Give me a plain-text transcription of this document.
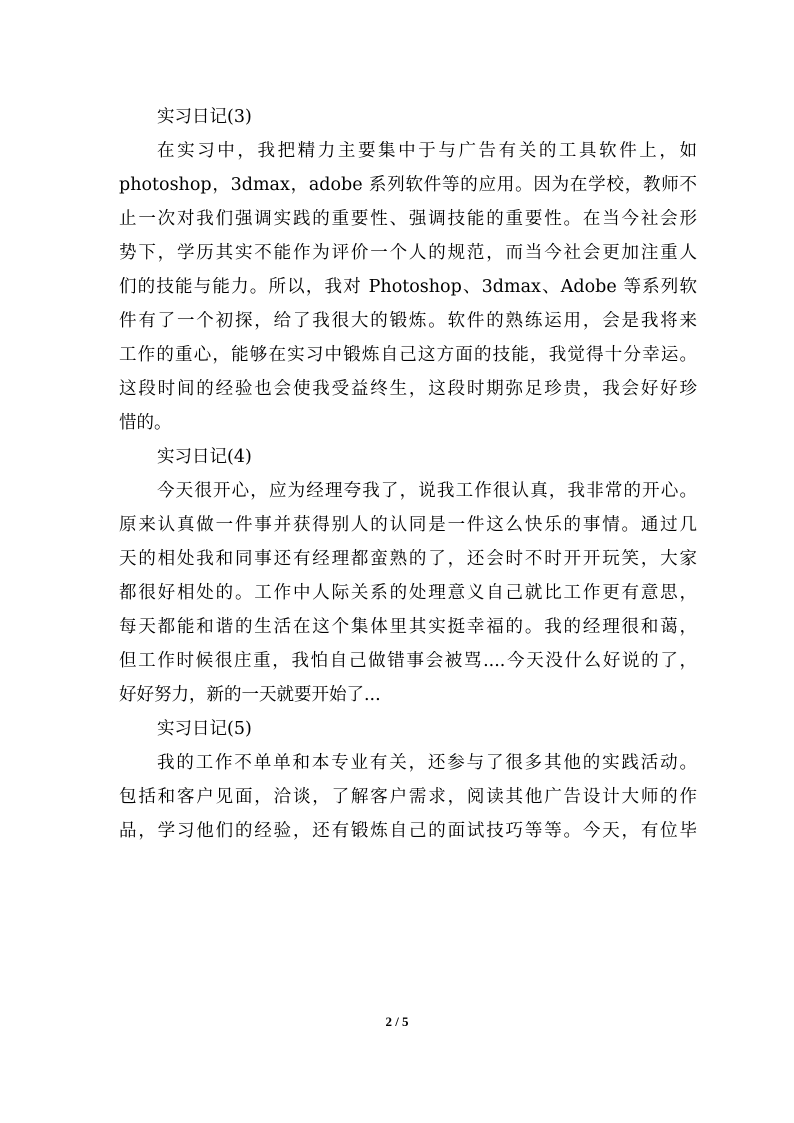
实习日记(3)
在实习中，我把精力主要集中于与广告有关的工具软件上，如
photoshop，3dmax，adobe 系列软件等的应用。因为在学校，教师不
止一次对我们强调实践的重要性、强调技能的重要性。在当今社会形
势下，学历其实不能作为评价一个人的规范，而当今社会更加注重人
们的技能与能力。所以，我对 Photoshop、3dmax、Adobe 等系列软
件有了一个初探，给了我很大的锻炼。软件的熟练运用，会是我将来
工作的重心，能够在实习中锻炼自己这方面的技能，我觉得十分幸运。
这段时间的经验也会使我受益终生，这段时期弥足珍贵，我会好好珍
惜的。
实习日记(4)
今天很开心，应为经理夸我了，说我工作很认真，我非常的开心。
原来认真做一件事并获得别人的认同是一件这么快乐的事情。通过几
天的相处我和同事还有经理都蛮熟的了，还会时不时开开玩笑，大家
都很好相处的。工作中人际关系的处理意义自己就比工作更有意思，
每天都能和谐的生活在这个集体里其实挺幸福的。我的经理很和蔼，
但工作时候很庄重，我怕自己做错事会被骂....今天没什么好说的了，
好好努力，新的一天就要开始了...
实习日记(5)
我的工作不单单和本专业有关，还参与了很多其他的实践活动。
包括和客户见面，洽谈，了解客户需求，阅读其他广告设计大师的作
品，学习他们的经验，还有锻炼自己的面试技巧等等。今天，有位毕
2 / 5
